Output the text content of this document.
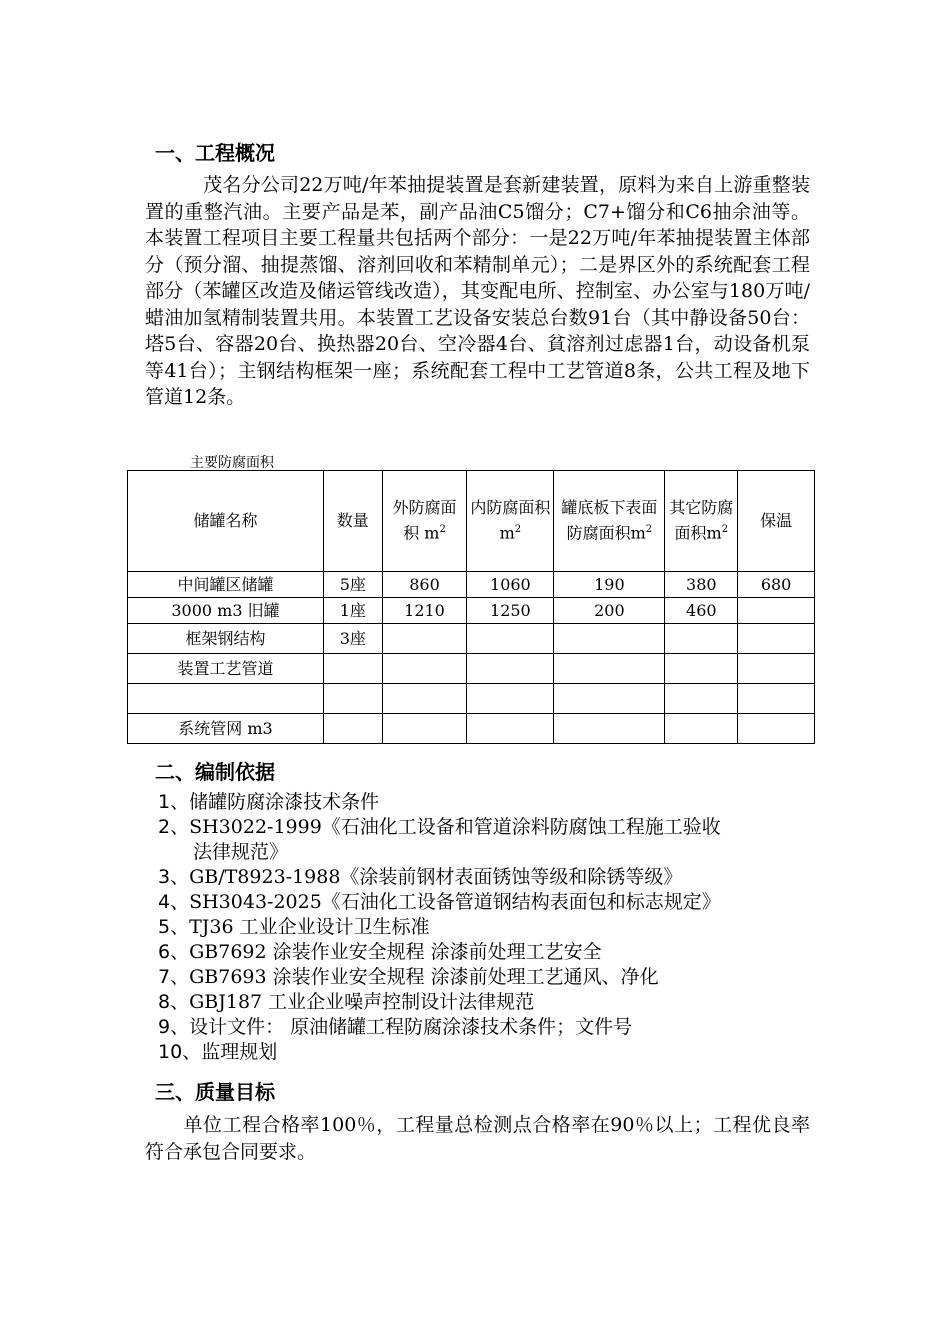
一、工程概况
茂名分公司22万吨/年苯抽提装置是套新建装置，原料为来自上游重整装置的重整汽油。主要产品是苯，副产品油C5馏分；C7+馏分和C6抽余油等。本装置工程项目主要工程量共包括两个部分：一是22万吨/年苯抽提装置主体部分（预分溜、抽提蒸馏、溶剂回收和苯精制单元）；二是界区外的系统配套工程部分（苯罐区改造及储运管线改造），其变配电所、控制室、办公室与180万吨/蜡油加氢精制装置共用。本装置工艺设备安装总台数91台（其中静设备50台：塔5台、容器20台、换热器20台、空冷器4台、貧溶剂过虑器1台，动设备机泵等41台）；主钢结构框架一座；系统配套工程中工艺管道8条，公共工程及地下管道12条。
主要防腐面积
储罐名称	数量	外防腐面积 $m^2$	内防腐面积 $m^2$	罐底板下表面防腐面积$m^2$	其它防腐面积$m^2$	保温
中间罐区储罐	5座	860	1060	190	380	680
3000 m3 旧罐	1座	1210	1250	200	460	
框架钢结构	3座					
装置工艺管道						

系统管网 m3						
二、编制依据
1、储罐防腐涂漆技术条件
2、SH3022-1999《石油化工设备和管道涂料防腐蚀工程施工验收
法律规范》
3、GB/T8923-1988《涂装前钢材表面锈蚀等级和除锈等级》
4、SH3043-2025《石油化工设备管道钢结构表面包和标志规定》
5、TJ36 工业企业设计卫生标准
6、GB7692 涂装作业安全规程 涂漆前处理工艺安全
7、GB7693 涂装作业安全规程 涂漆前处理工艺通风、净化
8、GBJ187 工业企业噪声控制设计法律规范
9、设计文件： 原油储罐工程防腐涂漆技术条件；文件号
10、监理规划
三、质量目标
单位工程合格率100％，工程量总检测点合格率在90％以上；工程优良率符合承包合同要求。
